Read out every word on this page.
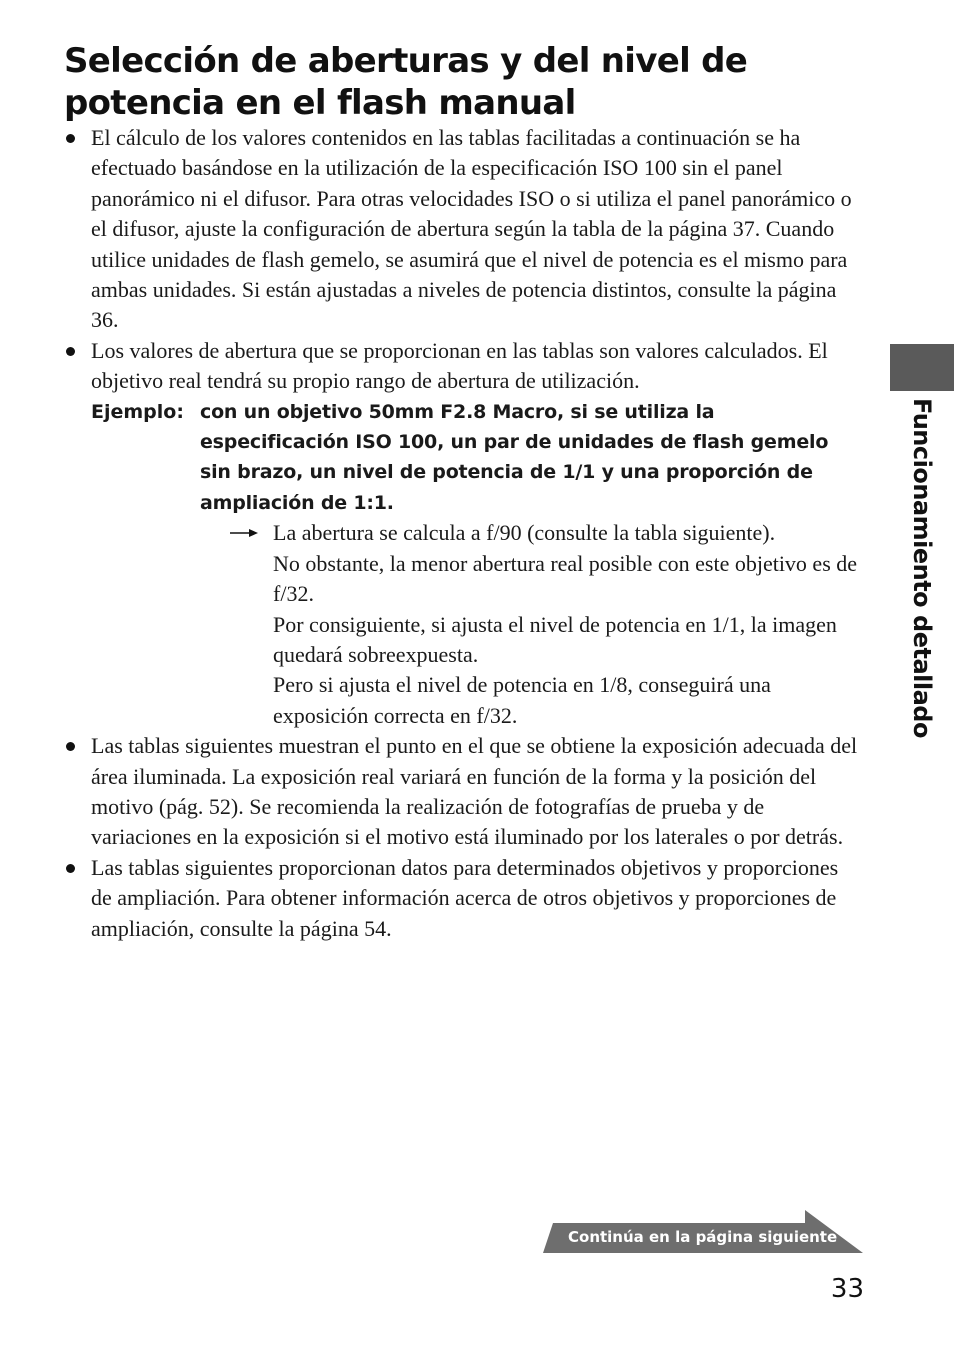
Selección de aberturas y del nivel de potencia en el flash manual
El cálculo de los valores contenidos en las tablas facilitadas a continuación se ha efectuado basándose en la utilización de la especificación ISO 100 sin el panel panorámico ni el difusor. Para otras velocidades ISO o si utiliza el panel panorámico o el difusor, ajuste la configuración de abertura según la tabla de la página 37. Cuando utilice unidades de flash gemelo, se asumirá que el nivel de potencia es el mismo para ambas unidades. Si están ajustadas a niveles de potencia distintos, consulte la página 36.
Los valores de abertura que se proporcionan en las tablas son valores calculados. El objetivo real tendrá su propio rango de abertura de utilización.
Ejemplo: con un objetivo 50mm F2.8 Macro, si se utiliza la especificación ISO 100, un par de unidades de flash gemelo sin brazo, un nivel de potencia de 1/1 y una proporción de ampliación de 1:1.
La abertura se calcula a f/90 (consulte la tabla siguiente).
No obstante, la menor abertura real posible con este objetivo es de f/32.
Por consiguiente, si ajusta el nivel de potencia en 1/1, la imagen quedará sobreexpuesta.
Pero si ajusta el nivel de potencia en 1/8, conseguirá una exposición correcta en f/32.
Las tablas siguientes muestran el punto en el que se obtiene la exposición adecuada del área iluminada. La exposición real variará en función de la forma y la posición del motivo (pág. 52). Se recomienda la realización de fotografías de prueba y de variaciones en la exposición si el motivo está iluminado por los laterales o por detrás.
Las tablas siguientes proporcionan datos para determinados objetivos y proporciones de ampliación. Para obtener información acerca de otros objetivos y proporciones de ampliación, consulte la página 54.
Funcionamiento detallado
Continúa en la página siguiente
33
